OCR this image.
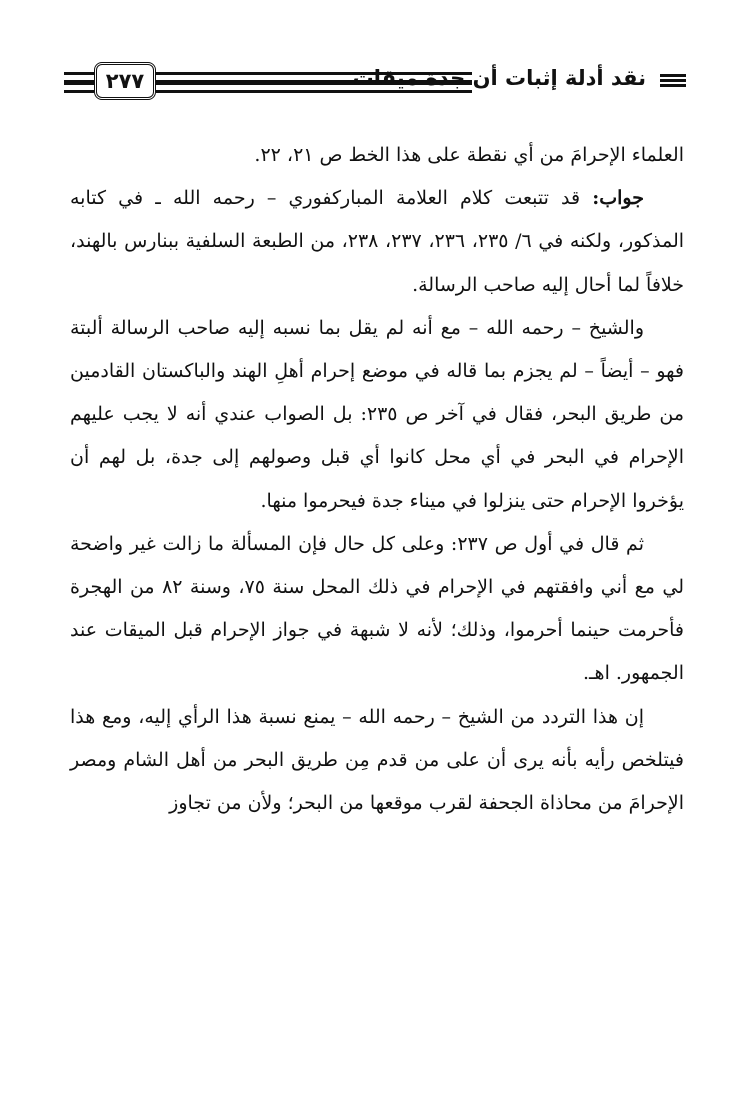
٢٧٧	نقد أدلة إثبات أن جدة ميقات

العلماء الإحرامَ من أي نقطة على هذا الخط ص ٢١، ٢٢.

جواب: قد تتبعت كلام العلامة المباركفوري – رحمه الله ـ في كتابه المذكور، ولكنه في ٦/ ٢٣٥، ٢٣٦، ٢٣٧، ٢٣٨، من الطبعة السلفية ببنارس بالهند، خلافاً لما أحال إليه صاحب الرسالة.

والشيخ – رحمه الله – مع أنه لم يقل بما نسبه إليه صاحب الرسالة ألبتة فهو – أيضاً – لم يجزم بما قاله في موضع إحرام أهلِ الهند والباكستان القادمين من طريق البحر، فقال في آخر ص ٢٣٥: بل الصواب عندي أنه لا يجب عليهم الإحرام في البحر في أي محل كانوا أي قبل وصولهم إلى جدة، بل لهم أن يؤخروا الإحرام حتى ينزلوا في ميناء جدة فيحرموا منها.

ثم قال في أول ص ٢٣٧: وعلى كل حال فإن المسألة ما زالت غير واضحة لي مع أني وافقتهم في الإحرام في ذلك المحل سنة ٧٥، وسنة ٨٢ من الهجرة فأحرمت حينما أحرموا، وذلك؛ لأنه لا شبهة في جواز الإحرام قبل الميقات عند الجمهور. اهـ.

إن هذا التردد من الشيخ – رحمه الله – يمنع نسبة هذا الرأي إليه، ومع هذا فيتلخص رأيه بأنه يرى أن على من قدم مِن طريق البحر من أهل الشام ومصر الإحرامَ من محاذاة الجحفة لقرب موقعها من البحر؛ ولأن من تجاوز
